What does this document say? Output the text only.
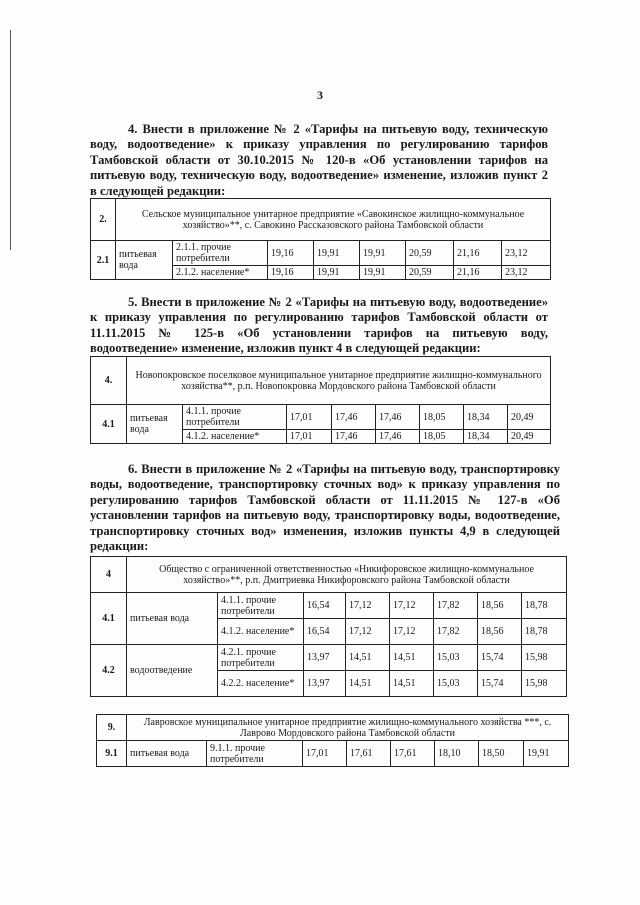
3
4. Внести в приложение № 2 «Тарифы на питьевую воду, техническую воду, водоотведение» к приказу управления по регулированию тарифов Тамбовской области от 30.10.2015 № 120-в «Об установлении тарифов на питьевую воду, техническую воду, водоотведение» изменение, изложив пункт 2 в следующей редакции:
2.	Сельское муниципальное унитарное предприятие «Савокинское жилищно-коммунальное хозяйство»**, с. Савокино Рассказовского района Тамбовской области							
2.1	питьевая вода	2.1.1. прочие потребители	19,16	19,91	19,91	20,59	21,16	23,12
		2.1.2. население*	19,16	19,91	19,91	20,59	21,16	23,12
5. Внести в приложение № 2 «Тарифы на питьевую воду, водоотведение» к приказу управления по регулированию тарифов Тамбовской области от 11.11.2015 № 125-в «Об установлении тарифов на питьевую воду, водоотведение» изменение, изложив пункт 4 в следующей редакции:
4.	Новопокровское поселковое муниципальное унитарное предприятие жилищно-коммунального хозяйства**, р.п. Новопокровка Мордовского района Тамбовской области							
4.1	питьевая вода	4.1.1. прочие потребители	17,01	17,46	17,46	18,05	18,34	20,49
		4.1.2. население*	17,01	17,46	17,46	18,05	18,34	20,49
6. Внести в приложение № 2 «Тарифы на питьевую воду, транспортировку воды, водоотведение, транспортировку сточных вод» к приказу управления по регулированию тарифов Тамбовской области от 11.11.2015 № 127-в «Об установлении тарифов на питьевую воду, транспортировку воды, водоотведение, транспортировку сточных вод» изменения, изложив пункты 4,9 в следующей редакции:
4	Общество с ограниченной ответственностью «Никифоровское жилищно-коммунальное хозяйство»**, р.п. Дмитриевка Никифоровского района Тамбовской области							
4.1	питьевая вода	4.1.1. прочие потребители	16,54	17,12	17,12	17,82	18,56	18,78
		4.1.2. население*	16,54	17,12	17,12	17,82	18,56	18,78
4.2	водоотведение	4.2.1. прочие потребители	13,97	14,51	14,51	15,03	15,74	15,98
		4.2.2. население*	13,97	14,51	14,51	15,03	15,74	15,98
9.	Лавровское муниципальное унитарное предприятие жилищно-коммунального хозяйства ***, с. Лаврово Мордовского района Тамбовской области							
9.1	питьевая вода	9.1.1. прочие потребители	17,01	17,61	17,61	18,10	18,50	19,91
